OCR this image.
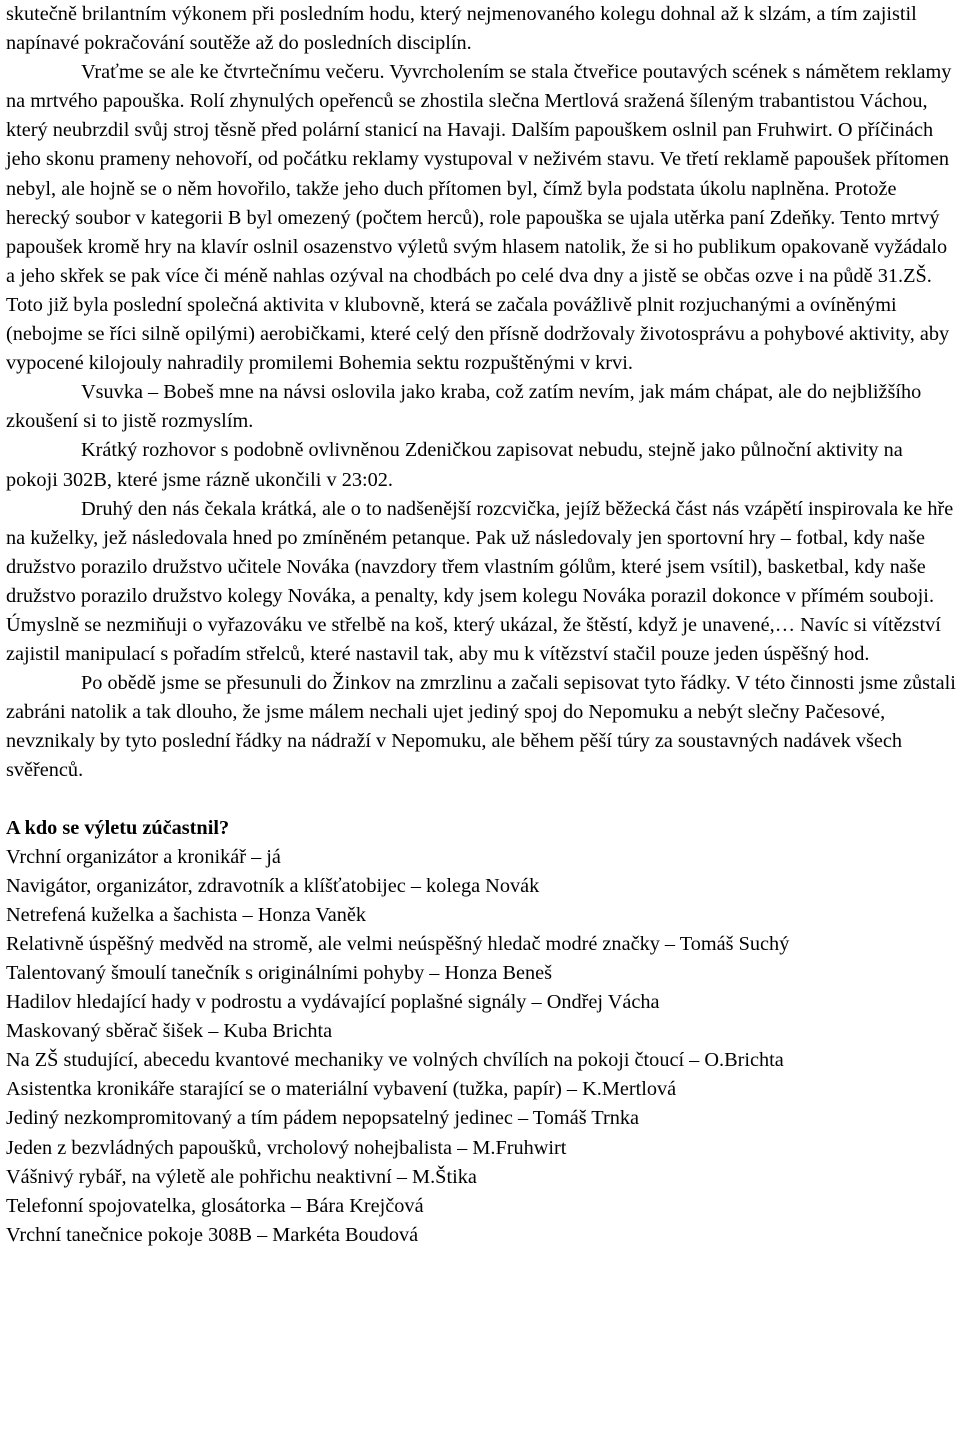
skutečně brilantním výkonem při posledním hodu, který nejmenovaného kolegu dohnal až k slzám, a tím zajistil napínavé pokračování soutěže až do posledních disciplín.

Vraťme se ale ke čtvrtečnímu večeru. Vyvrcholením se stala čtveřice poutavých scének s námětem reklamy na mrtvého papouška. Rolí zhynulých opeřenců se zhostila slečna Mertlová sražená šíleným trabantistou Váchou, který neubrzdil svůj stroj těsně před polární stanicí na Havaji. Dalším papouškem oslnil pan Fruhwirt. O příčinách jeho skonu prameny nehovoří, od počátku reklamy vystupoval v neživém stavu. Ve třetí reklamě papoušek přítomen nebyl, ale hojně se o něm hovořilo, takže jeho duch přítomen byl, čímž byla podstata úkolu naplněna. Protože herecký soubor v kategorii B byl omezený (počtem herců), role papouška se ujala utěrka paní Zdeňky. Tento mrtvý papoušek kromě hry na klavír oslnil osazenstvo výletů svým hlasem natolik, že si ho publikum opakovaně vyžádalo a jeho skřek se pak více či méně nahlas ozýval na chodbách po celé dva dny a jistě se občas ozve i na půdě 31.ZŠ. Toto již byla poslední společná aktivita v klubovně, která se začala povážlivě plnit rozjuchanými a ovíněnými (nebojme se říci silně opilými) aerobičkami, které celý den přísně dodržovaly životosprávu a pohybové aktivity, aby vypocené kilojouly nahradily promilemi Bohemia sektu rozpuštěnými v krvi.

Vsuvka – Bobeš mne na návsi oslovila jako kraba, což zatím nevím, jak mám chápat, ale do nejbližšího zkoušení si to jistě rozmyslím.

Krátký rozhovor s podobně ovlivněnou Zdeničkou zapisovat nebudu, stejně jako půlnoční aktivity na pokoji 302B, které jsme rázně ukončili v 23:02.

Druhý den nás čekala krátká, ale o to nadšenější rozcvička, jejíž běžecká část nás vzápětí inspirovala ke hře na kuželky, jež následovala hned po zmíněném petanque. Pak už následovaly jen sportovní hry – fotbal, kdy naše družstvo porazilo družstvo učitele Nováka (navzdory třem vlastním gólům, které jsem vsítil), basketbal, kdy naše družstvo porazilo družstvo kolegy Nováka, a penalty, kdy jsem kolegu Nováka porazil dokonce v přímém souboji. Úmyslně se nezmiňuji o vyřazováku ve střelbě na koš, který ukázal, že štěstí, když je unavené,… Navíc si vítězství zajistil manipulací s pořadím střelců, které nastavil tak, aby mu k vítězství stačil pouze jeden úspěšný hod.

Po obědě jsme se přesunuli do Žinkov na zmrzlinu a začali sepisovat tyto řádky. V této činnosti jsme zůstali zabráni natolik a tak dlouho, že jsme málem nechali ujet jediný spoj do Nepomuku a nebýt slečny Pačesové, nevznikaly by tyto poslední řádky na nádraží v Nepomuku, ale během pěší túry za soustavných nadávek všech svěřenců.

A kdo se výletu zúčastnil?

Vrchní organizátor a kronikář – já
Navigátor, organizátor, zdravotník a klíšťatobijec – kolega Novák
Netrefená kuželka a šachista – Honza Vaněk
Relativně úspěšný medvěd na stromě, ale velmi neúspěšný hledač modré značky – Tomáš Suchý
Talentovaný šmoulí tanečník s originálními pohyby – Honza Beneš
Hadilov hledající hady v podrostu a vydávající poplašné signály – Ondřej Vácha
Maskovaný sběrač šišek – Kuba Brichta
Na ZŠ studující, abecedu kvantové mechaniky ve volných chvílích na pokoji čtoucí – O.Brichta
Asistentka kronikáře starající se o materiální vybavení (tužka, papír) – K.Mertlová
Jediný nezkompromitovaný a tím pádem nepopsatelný jedinec – Tomáš Trnka
Jeden z bezvládných papoušků, vrcholový nohejbalista – M.Fruhwirt
Vášnivý rybář, na výletě ale pohřichu neaktivní – M.Štika
Telefonní spojovatelka, glosátorka – Bára Krejčová
Vrchní tanečnice pokoje 308B – Markéta Boudová
